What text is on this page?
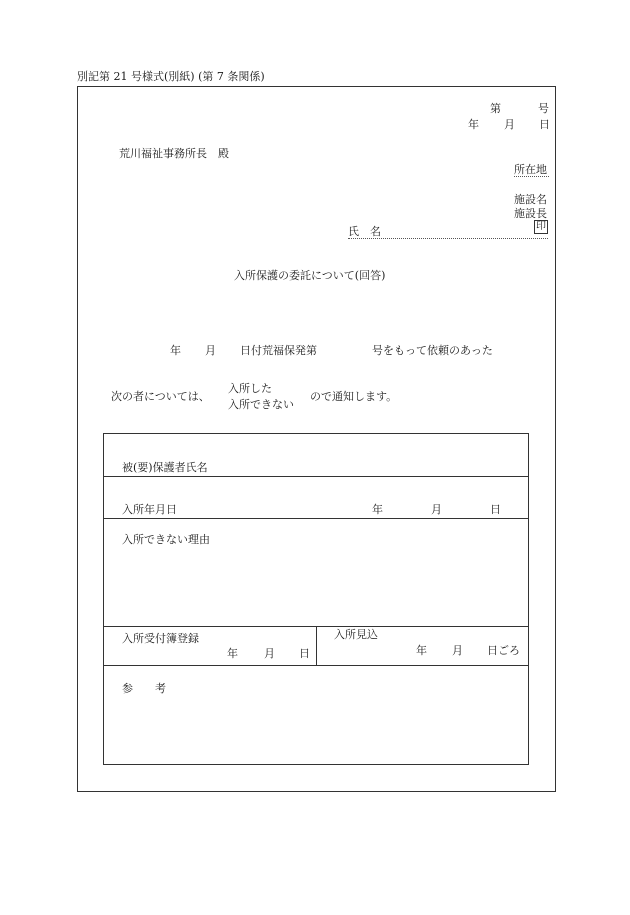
別記第 21 号様式(別紙) (第 7 条関係)
第	号
年 月 日
荒川福祉事務所長　殿
所在地
施設名
施設長
印
氏　名
入所保護の委託について(回答)
年 月 日付荒福保発第	号をもって依頼のあった
次の者については、
入所した
入所できない
ので通知します。
被(要)保護者氏名
入所年月日	年	月	日
入所できない理由
入所受付簿登録
年 月 日
入所見込
年 月 日ごろ
参　　考
